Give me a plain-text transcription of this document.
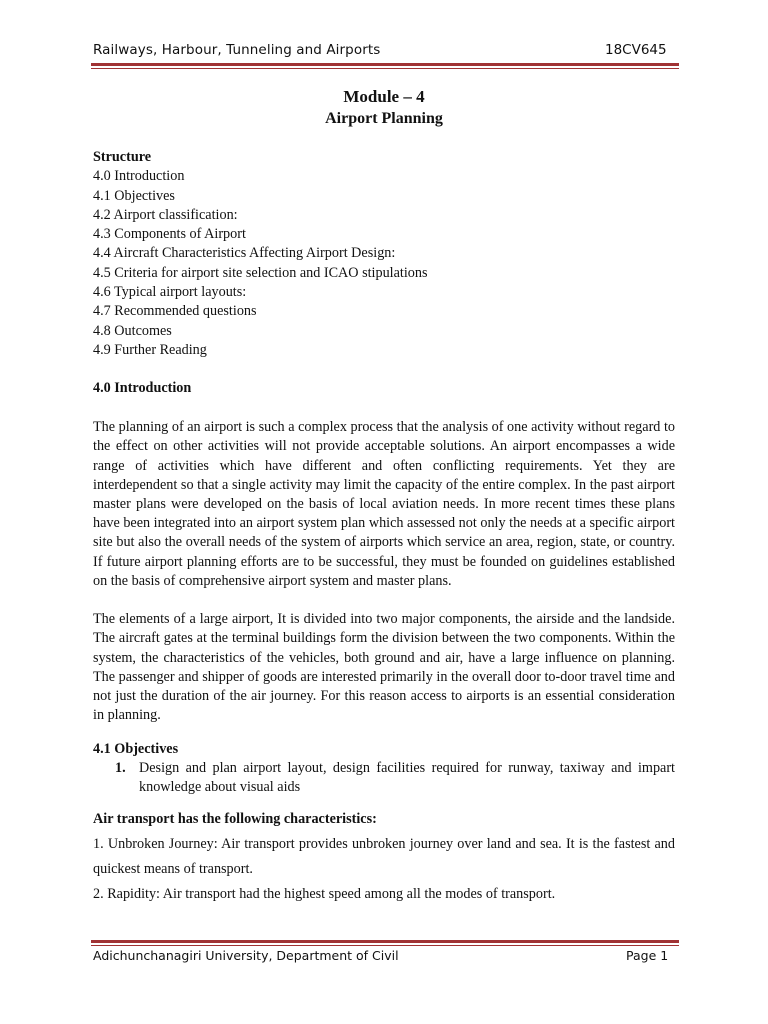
Railways, Harbour, Tunneling and Airports	18CV645
Module – 4
Airport Planning
Structure
4.0 Introduction
4.1 Objectives
4.2 Airport classification:
4.3 Components of Airport
4.4 Aircraft Characteristics Affecting Airport Design:
4.5 Criteria for airport site selection and ICAO stipulations
4.6 Typical airport layouts:
4.7 Recommended questions
4.8 Outcomes
4.9 Further Reading
4.0 Introduction

The planning of an airport is such a complex process that the analysis of one activity without regard to the effect on other activities will not provide acceptable solutions. An airport encompasses a wide range of activities which have different and often conflicting requirements. Yet they are interdependent so that a single activity may limit the capacity of the entire complex. In the past airport master plans were developed on the basis of local aviation needs. In more recent times these plans have been integrated into an airport system plan which assessed not only the needs at a specific airport site but also the overall needs of the system of airports which service an area, region, state, or country. If future airport planning efforts are to be successful, they must be founded on guidelines established on the basis of comprehensive airport system and master plans.

The elements of a large airport, It is divided into two major components, the airside and the landside. The aircraft gates at the terminal buildings form the division between the two components. Within the system, the characteristics of the vehicles, both ground and air, have a large influence on planning. The passenger and shipper of goods are interested primarily in the overall door to-door travel time and not just the duration of the air journey. For this reason access to airports is an essential consideration in planning.

4.1 Objectives
1. Design and plan airport layout, design facilities required for runway, taxiway and impart knowledge about visual aids
Air transport has the following characteristics:
1. Unbroken Journey: Air transport provides unbroken journey over land and sea. It is the fastest and quickest means of transport.
2. Rapidity: Air transport had the highest speed among all the modes of transport.
Adichunchanagiri University, Department of Civil	Page 1
